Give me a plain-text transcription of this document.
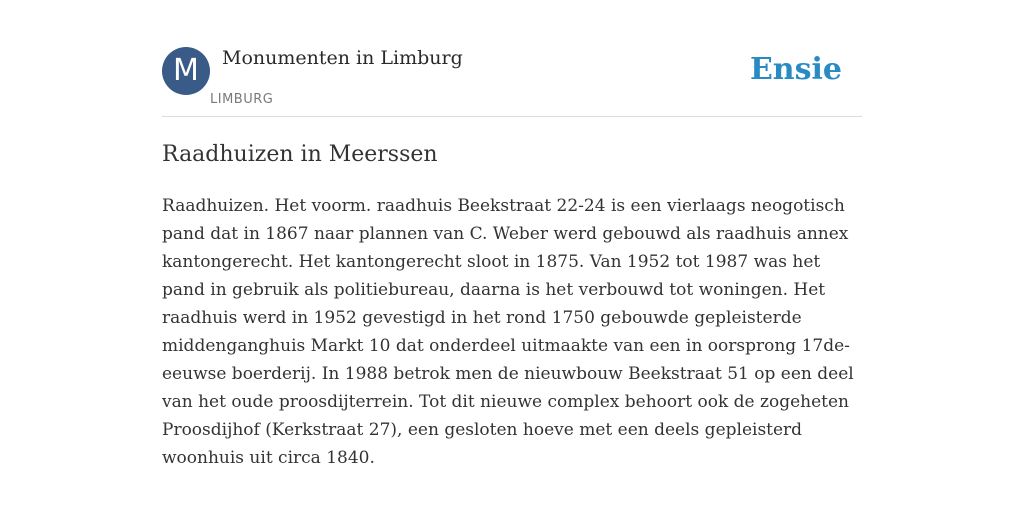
M	Monumenten in Limburg
LIMBURG
Ensie
Raadhuizen in Meerssen

Raadhuizen. Het voorm. raadhuis Beekstraat 22-24 is een vierlaags neogotisch pand dat in 1867 naar plannen van C. Weber werd gebouwd als raadhuis annex kantongerecht. Het kantongerecht sloot in 1875. Van 1952 tot 1987 was het pand in gebruik als politiebureau, daarna is het verbouwd tot woningen. Het raadhuis werd in 1952 gevestigd in het rond 1750 gebouwde gepleisterde middenganghuis Markt 10 dat onderdeel uitmaakte van een in oorsprong 17de-eeuwse boerderij. In 1988 betrok men de nieuwbouw Beekstraat 51 op een deel van het oude proosdijterrein. Tot dit nieuwe complex behoort ook de zogeheten Proosdijhof (Kerkstraat 27), een gesloten hoeve met een deels gepleisterd woonhuis uit circa 1840.
